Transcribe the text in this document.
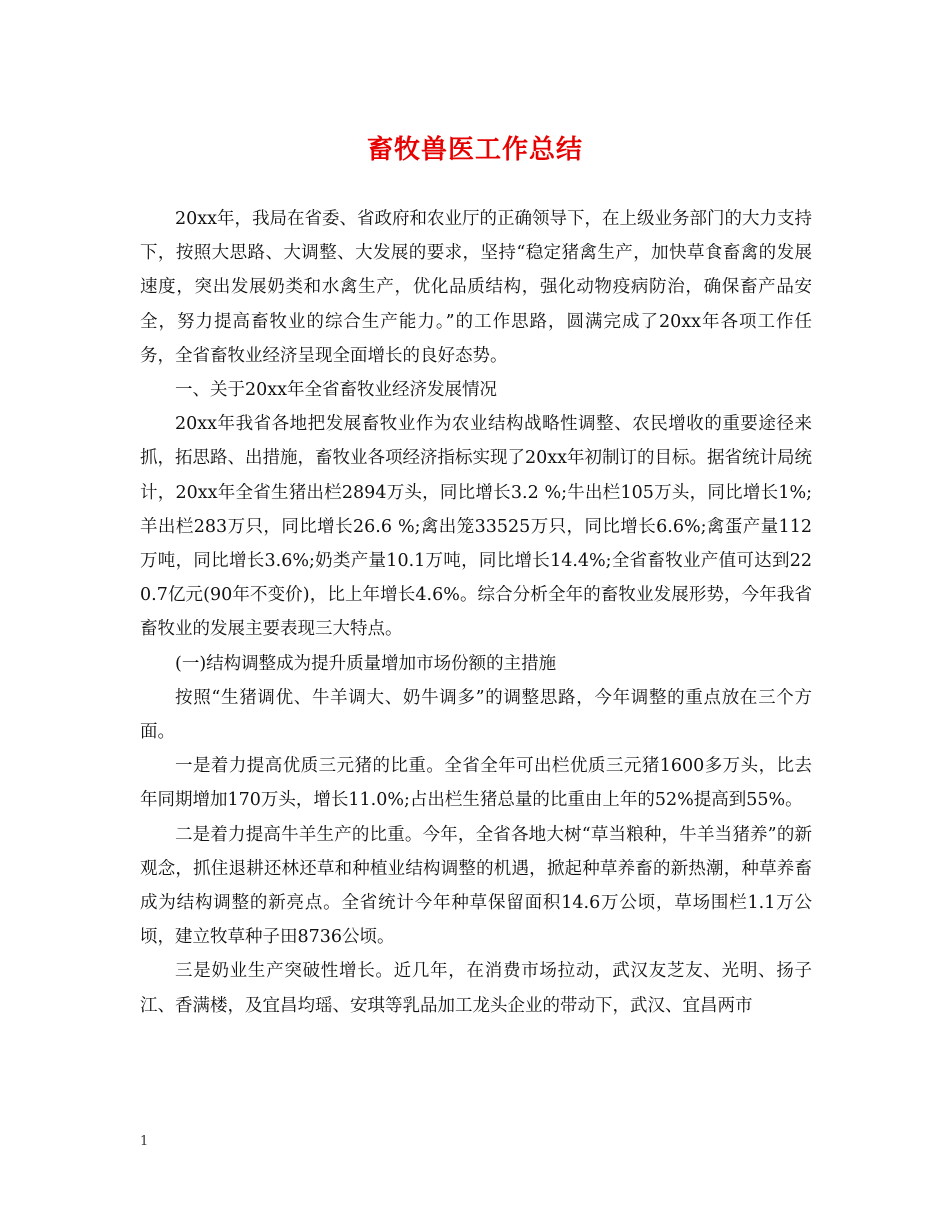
畜牧兽医工作总结

20xx年，我局在省委、省政府和农业厅的正确领导下，在上级业务部门的大力支持下，按照大思路、大调整、大发展的要求，坚持“稳定猪禽生产，加快草食畜禽的发展速度，突出发展奶类和水禽生产，优化品质结构，强化动物疫病防治，确保畜产品安全，努力提高畜牧业的综合生产能力。”的工作思路，圆满完成了20xx年各项工作任务，全省畜牧业经济呈现全面增长的良好态势。

一、关于20xx年全省畜牧业经济发展情况

20xx年我省各地把发展畜牧业作为农业结构战略性调整、农民增收的重要途径来抓，拓思路、出措施，畜牧业各项经济指标实现了20xx年初制订的目标。据省统计局统计，20xx年全省生猪出栏2894万头，同比增长3.2 %;牛出栏105万头，同比增长1%;羊出栏283万只，同比增长26.6 %;禽出笼33525万只，同比增长6.6%;禽蛋产量112万吨，同比增长3.6%;奶类产量10.1万吨，同比增长14.4%;全省畜牧业产值可达到220.7亿元(90年不变价)，比上年增长4.6%。综合分析全年的畜牧业发展形势，今年我省畜牧业的发展主要表现三大特点。

(一)结构调整成为提升质量增加市场份额的主措施

按照“生猪调优、牛羊调大、奶牛调多”的调整思路，今年调整的重点放在三个方面。

一是着力提高优质三元猪的比重。全省全年可出栏优质三元猪1600多万头，比去年同期增加170万头，增长11.0%;占出栏生猪总量的比重由上年的52%提高到55%。

二是着力提高牛羊生产的比重。今年，全省各地大树“草当粮种，牛羊当猪养”的新观念，抓住退耕还林还草和种植业结构调整的机遇，掀起种草养畜的新热潮，种草养畜成为结构调整的新亮点。全省统计今年种草保留面积14.6万公顷，草场围栏1.1万公顷，建立牧草种子田8736公顷。

三是奶业生产突破性增长。近几年，在消费市场拉动，武汉友芝友、光明、扬子江、香满楼，及宜昌均瑶、安琪等乳品加工龙头企业的带动下，武汉、宜昌两市

1
